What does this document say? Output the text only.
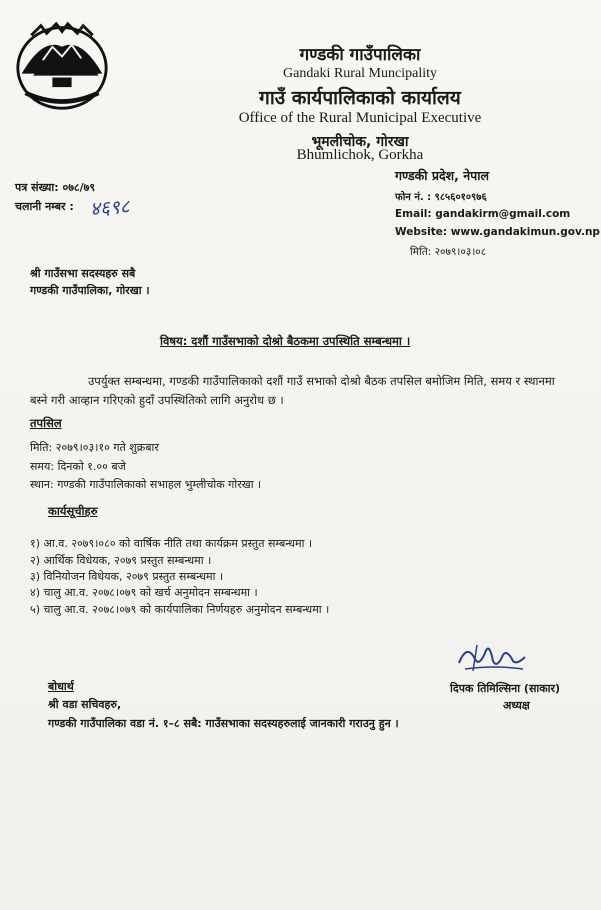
गण्डकी गाउँपालिका
Gandaki Rural Muncipality
गाउँ कार्यपालिकाको कार्यालय
Office of the Rural Municipal Executive
भूमलीचोक, गोरखा
Bhumlichok, Gorkha
पत्र संख्या: ०७८/७९
चलानी नम्बर : ४६९८
गण्डकी प्रदेश, नेपाल
फोन नं. : ९८५६०१०९७६
Email: gandakirm@gmail.com
Website: www.gandakimun.gov.np
मिति: २०७९।०३।०८
श्री गाउँसभा सदस्यहरु सबै
गण्डकी गाउँपालिका, गोरखा ।
विषय: दशौं गाउँसभाको दोश्रो बैठकमा उपस्थिति सम्बन्धमा ।
उपर्युक्त सम्बन्धमा, गण्डकी गाउँपालिकाको दशौं गाउँ सभाको दोश्रो बैठक तपसिल बमोजिम मिति, समय र स्थानमा बस्ने गरी आव्हान गरिएको हुदाँ उपस्थितिको लागि अनुरोध छ ।
तपसिल
मिति: २०७९।०३।१० गते शुक्रबार
समय: दिनको १.०० बजे
स्थान: गण्डकी गाउँपालिकाको सभाहल भुम्लीचोक गोरखा ।
कार्यसूचीहरु
१) आ.व. २०७९।०८० को वार्षिक नीति तथा कार्यक्रम प्रस्तुत सम्बन्धमा ।
२) आर्थिक विधेयक, २०७९ प्रस्तुत सम्बन्धमा ।
३) विनियोजन विधेयक, २०७९ प्रस्तुत सम्बन्धमा ।
४) चालु आ.व. २०७८।०७९ को खर्च अनुमोदन सम्बन्धमा ।
५) चालु आ.व. २०७८।०७९ को कार्यपालिका निर्णयहरु अनुमोदन सम्बन्धमा ।
दिपक तिमिल्सिना (साकार)
अध्यक्ष
बोधार्थ
श्री वडा सचिवहरु,
गण्डकी गाउँपालिका वडा नं. १–८ सबै: गाउँसभाका सदस्यहरुलाई जानकारी गराउनु हुन ।
